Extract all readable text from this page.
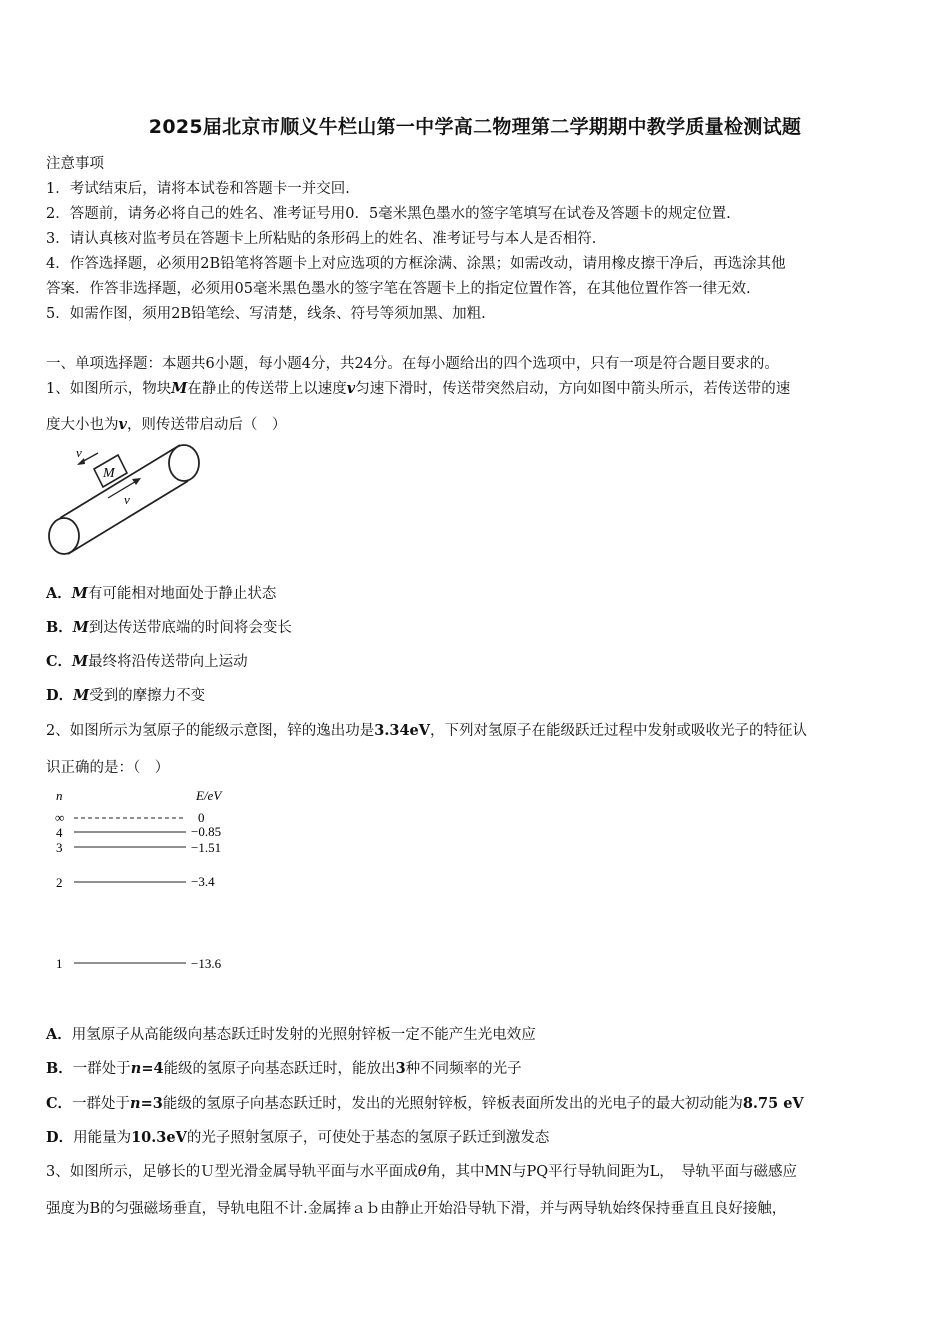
2025届北京市顺义牛栏山第一中学高二物理第二学期期中教学质量检测试题
注意事项
1．考试结束后，请将本试卷和答题卡一并交回.
2．答题前，请务必将自己的姓名、准考证号用0．5毫米黑色墨水的签字笔填写在试卷及答题卡的规定位置.
3．请认真核对监考员在答题卡上所粘贴的条形码上的姓名、准考证号与本人是否相符.
4．作答选择题，必须用2B铅笔将答题卡上对应选项的方框涂满、涂黑；如需改动，请用橡皮擦干净后，再选涂其他
答案．作答非选择题，必须用05毫米黑色墨水的签字笔在答题卡上的指定位置作答，在其他位置作答一律无效.
5．如需作图，须用2B铅笔绘、写清楚，线条、符号等须加黑、加粗.
一、单项选择题：本题共6小题，每小题4分，共24分。在每小题给出的四个选项中，只有一项是符合题目要求的。
1、如图所示，物块M在静止的传送带上以速度v匀速下滑时，传送带突然启动，方向如图中箭头所示，若传送带的速
度大小也为v，则传送带启动后（　）
M
v
v
A．M有可能相对地面处于静止状态
B．M到达传送带底端的时间将会变长
C．M最终将沿传送带向上运动
D．M受到的摩擦力不变
2、如图所示为氢原子的能级示意图，锌的逸出功是3.34eV，下列对氢原子在能级跃迁过程中发射或吸收光子的特征认
识正确的是：（　）
n	E/eV
∞	0
4	−0.85
3	−1.51
2	−3.4
1	−13.6
A．用氢原子从高能级向基态跃迁时发射的光照射锌板一定不能产生光电效应
B．一群处于n=4能级的氢原子向基态跃迁时，能放出3种不同频率的光子
C．一群处于n=3能级的氢原子向基态跃迁时，发出的光照射锌板，锌板表面所发出的光电子的最大初动能为8.75 eV
D．用能量为10.3eV的光子照射氢原子，可使处于基态的氢原子跃迁到激发态
3、如图所示，足够长的Ｕ型光滑金属导轨平面与水平面成θ角，其中MN与PQ平行导轨间距为L，　导轨平面与磁感应
强度为B的匀强磁场垂直，导轨电阻不计.金属捧ａｂ由静止开始沿导轨下滑，并与两导轨始终保持垂直且良好接触，
